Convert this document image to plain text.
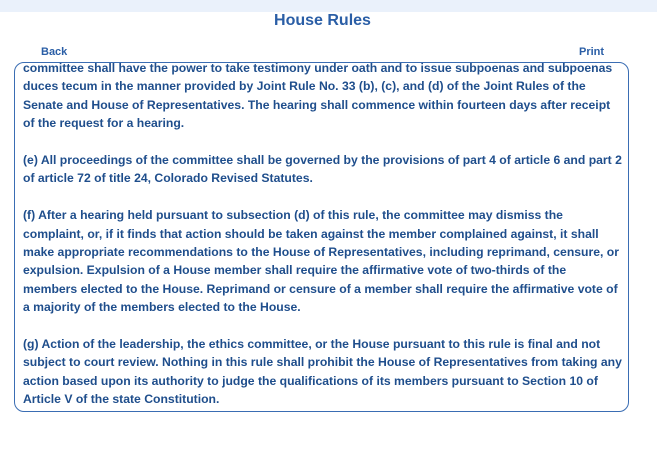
House Rules
Back	Print

committee shall have the power to take testimony under oath and to issue subpoenas and subpoenas duces tecum in the manner provided by Joint Rule No. 33 (b), (c), and (d) of the Joint Rules of the Senate and House of Representatives. The hearing shall commence within fourteen days after receipt of the request for a hearing.

(e) All proceedings of the committee shall be governed by the provisions of part 4 of article 6 and part 2 of article 72 of title 24, Colorado Revised Statutes.

(f) After a hearing held pursuant to subsection (d) of this rule, the committee may dismiss the complaint, or, if it finds that action should be taken against the member complained against, it shall make appropriate recommendations to the House of Representatives, including reprimand, censure, or expulsion. Expulsion of a House member shall require the affirmative vote of two-thirds of the members elected to the House. Reprimand or censure of a member shall require the affirmative vote of a majority of the members elected to the House.

(g) Action of the leadership, the ethics committee, or the House pursuant to this rule is final and not subject to court review. Nothing in this rule shall prohibit the House of Representatives from taking any action based upon its authority to judge the qualifications of its members pursuant to Section 10 of Article V of the state Constitution.
